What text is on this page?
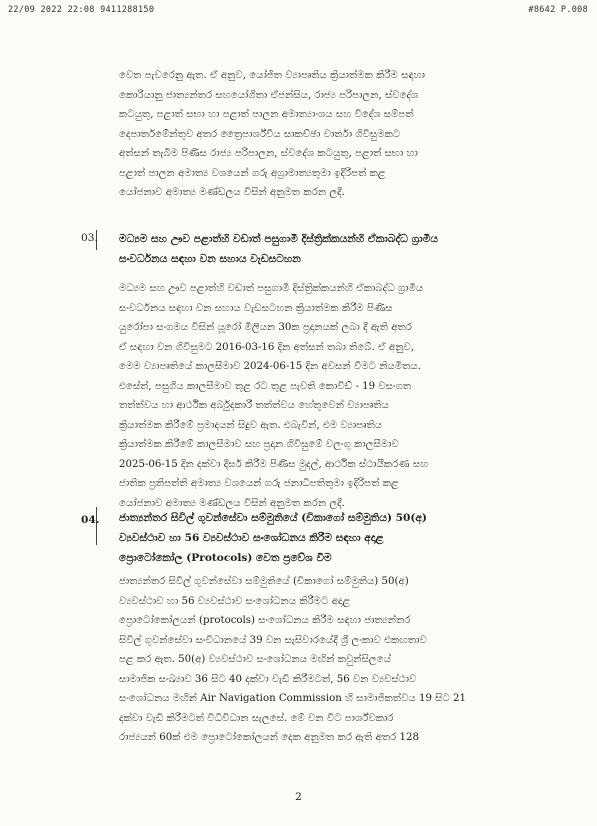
22/09 2022 22:08 9411288150	#8642 P.008
වෙත පැවරෙනු ඇත. ඒ අනුව, යෝජිත ව්‍යාපෘතිය ක්‍රියාත්මක කිරීම සඳහා
කොරියානු ජාත්‍යන්තර සහයෝගිතා ඒජන්සිය, රාජ්‍ය පරිපාලන, ස්වදේශ
කටයුතු, පළාත් සභා හා පළාත් පාලන අමාත්‍යාංශය සහ විදේශ සම්පත්
දෙපාර්තමේන්තුව අතර ත්‍රෛපාර්ශ්වීය සාකච්ඡා වාර්තා ගිවිසුමකට
අත්සන් තැබීම පිණිස රාජ්‍ය පරිපාලන, ස්වදේශ කටයුතු, පළාත් සභා හා
පළාත් පාලන අමාත්‍ය වශයෙන් ගරු අග්‍රාමාත්‍යතුමා ඉදිරිපත් කළ
යෝජනාව අමාත්‍ය මණ්ඩලය විසින් අනුමත කරන ලදී.
03. මධ්‍යම සහ ඌව පළාත්හි වඩාත් පසුගාමී දිස්ත්‍රික්කයන්හි ඒකාබද්ධ ග්‍රාමීය
සංවර්ධනය සඳහා වන සහාය වැඩසටහන
මධ්‍යම සහ ඌව පළාත්හි වඩාත් පසුගාමී දිස්ත්‍රික්කයන්හි ඒකාබද්ධ ග්‍රාමීය
සංවර්ධනය සඳහා වන සහාය වැඩසටහන ක්‍රියාත්මක කිරීම පිණිස
යුරෝපා සංගමය විසින් යූරෝ මිලියන 30ක ප්‍රදානයක් ලබා දී ඇති අතර
ඒ සඳහා වන ගිවිසුමට 2016-03-16 දින අත්සන් තබා තිබේ. ඒ අනුව,
මෙම ව්‍යාපෘතියේ කාලසීමාව 2024-06-15 දින අවසන් වීමට නියමිතය.
එසේත්, පසුගිය කාලසීමාව තුළ රට තුළ පැවති කොවිඩ් - 19 වසංගත
තත්ත්වය හා ආර්ථික අර්බුදකාරී තත්ත්වය හේතුවෙන් ව්‍යාපෘතිය
ක්‍රියාත්මක කිරීමේ ප්‍රමාදයන් සිදුව ඇත. එබැවින්, එම ව්‍යාපෘතිය
ක්‍රියාත්මක කිරීමේ කාලසීමාව සහ ප්‍රදාන ගිවිසුමේ වලංගු කාලසීමාව
2025-06-15 දින දක්වා දීර්ඝ කිරීම පිණිස මුදල්, ආර්ථික ස්ථායීකරණ සහ
ජාතික ප්‍රතිපත්ති අමාත්‍ය වශයෙන් ගරු ජනාධිපතිතුමා ඉදිරිපත් කළ
යෝජනාව අමාත්‍ය මණ්ඩලය විසින් අනුමත කරන ලදී.
04. ජාත්‍යන්තර සිවිල් ගුවන්සේවා සම්මුතියේ (චිකාගෝ සම්මුතිය) 50(අ)
ව්‍යවස්ථාව හා 56 ව්‍යවස්ථාව සංශෝධනය කිරීම සඳහා අදාළ
ප්‍රොටෝකෝල (Protocols) වෙත ප්‍රවේශ වීම
ජාත්‍යන්තර සිවිල් ගුවන්සේවා සම්මුතියේ (චිකාගෝ සම්මුතිය) 50(අ)
ව්‍යවස්ථාව හා 56 ව්‍යවස්ථාව සංශෝධනය කිරීමට අදාළ
ප්‍රොටෝකෝලයන් (protocols) සංශෝධනය කිරීම සඳහා ජාත්‍යන්තර
සිවිල් ගුවන්සේවා සංවිධානයේ 39 වන සැසිවාරයේදී ශ්‍රී ලංකාව එකඟතාව
පළ කර ඇත. 50(අ) ව්‍යවස්ථාව සංශෝධනය මඟින් කවුන්සිලයේ
සාමාජික සංඛ්‍යාව 36 සිට 40 දක්වා වැඩි කිරීමටත්, 56 වන ව්‍යවස්ථාව
සංශෝධනය මඟින් Air Navigation Commission හි සාමාජිකත්වය 19 සිට 21
දක්වා වැඩි කිරීමටත් විධිවිධාන සැලසේ. මේ වන විට පාර්ශ්වකාර
රාජ්‍යයන් 60ක් එම ප්‍රොටෝකෝලයන් දෙක අනුමත කර ඇති අතර 128
2
